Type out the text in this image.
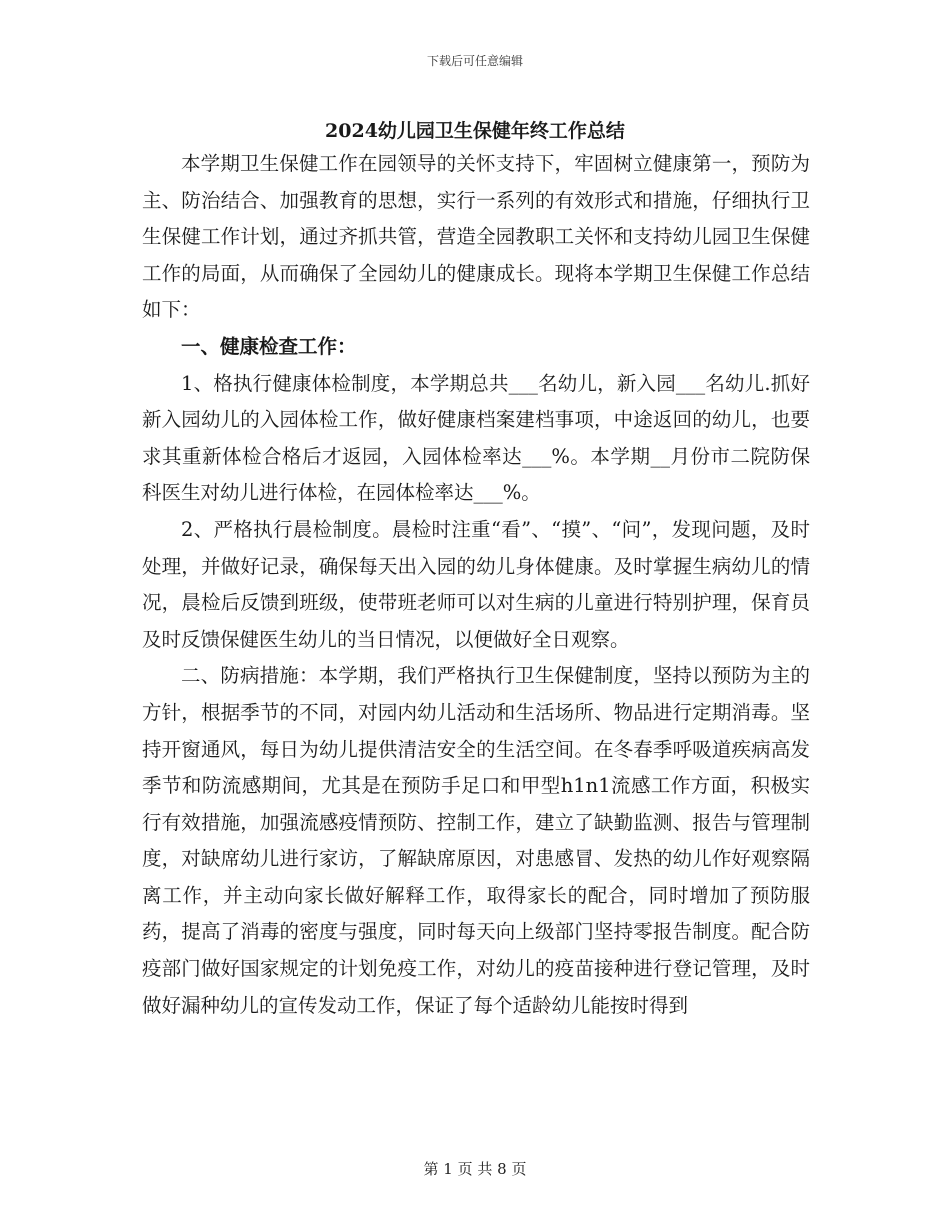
下载后可任意编辑
2024幼儿园卫生保健年终工作总结

本学期卫生保健工作在园领导的关怀支持下，牢固树立健康第一，预防为主、防治结合、加强教育的思想，实行一系列的有效形式和措施，仔细执行卫生保健工作计划，通过齐抓共管，营造全园教职工关怀和支持幼儿园卫生保健工作的局面，从而确保了全园幼儿的健康成长。现将本学期卫生保健工作总结如下：

一、健康检查工作：

1、格执行健康体检制度，本学期总共___名幼儿，新入园___名幼儿.抓好新入园幼儿的入园体检工作，做好健康档案建档事项，中途返回的幼儿，也要求其重新体检合格后才返园，入园体检率达___%。本学期__月份市二院防保科医生对幼儿进行体检，在园体检率达___%。

2、严格执行晨检制度。晨检时注重“看”、“摸”、“问”，发现问题，及时处理，并做好记录，确保每天出入园的幼儿身体健康。及时掌握生病幼儿的情况，晨检后反馈到班级，使带班老师可以对生病的儿童进行特别护理，保育员及时反馈保健医生幼儿的当日情况，以便做好全日观察。

二、防病措施：本学期，我们严格执行卫生保健制度，坚持以预防为主的方针，根据季节的不同，对园内幼儿活动和生活场所、物品进行定期消毒。坚持开窗通风，每日为幼儿提供清洁安全的生活空间。在冬春季呼吸道疾病高发季节和防流感期间，尤其是在预防手足口和甲型h1n1流感工作方面，积极实行有效措施，加强流感疫情预防、控制工作，建立了缺勤监测、报告与管理制度，对缺席幼儿进行家访，了解缺席原因，对患感冒、发热的幼儿作好观察隔离工作，并主动向家长做好解释工作，取得家长的配合，同时增加了预防服药，提高了消毒的密度与强度，同时每天向上级部门坚持零报告制度。配合防疫部门做好国家规定的计划免疫工作，对幼儿的疫苗接种进行登记管理，及时做好漏种幼儿的宣传发动工作，保证了每个适龄幼儿能按时得到

第 1 页 共 8 页
